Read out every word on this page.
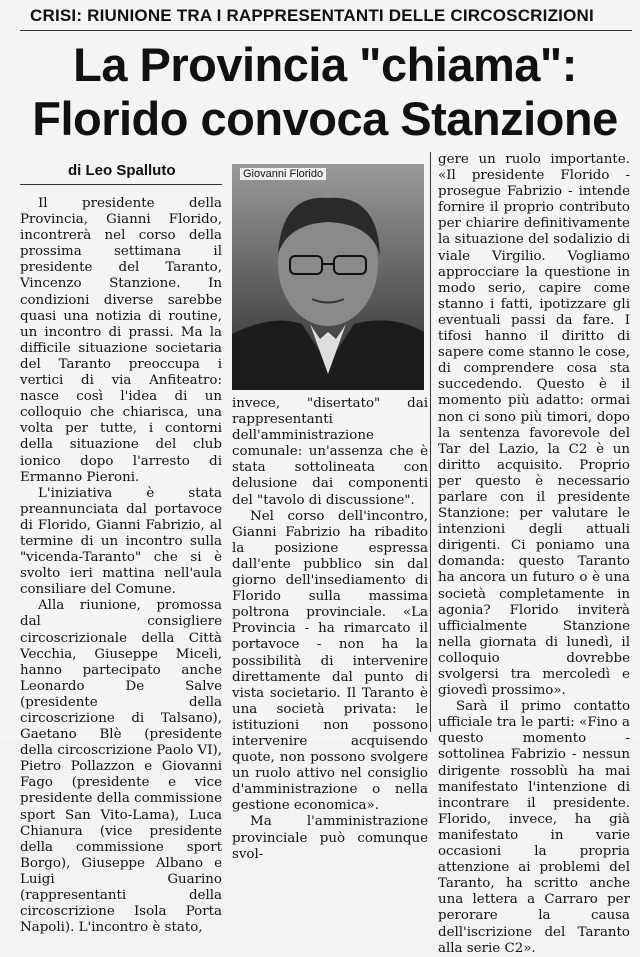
CRISI: RIUNIONE TRA I RAPPRESENTANTI DELLE CIRCOSCRIZIONI
La Provincia "chiama":
Florido convoca Stanzione
di Leo Spalluto	Giovanni Florido

Il presidente della Provincia, Gianni Florido, incontrerà nel corso della prossima settimana il presidente del Taranto, Vincenzo Stanzione. In condizioni diverse sarebbe quasi una notizia di routine, un incontro di prassi. Ma la difficile situazione societaria del Taranto preoccupa i vertici di via Anfiteatro: nasce così l'idea di un colloquio che chiarisca, una volta per tutte, i contorni della situazione del club ionico dopo l'arresto di Ermanno Pieroni.

L'iniziativa è stata preannunciata dal portavoce di Florido, Gianni Fabrizio, al termine di un incontro sulla "vicenda-Taranto" che si è svolto ieri mattina nell'aula consiliare del Comune.

Alla riunione, promossa dal consigliere circoscrizionale della Città Vecchia, Giuseppe Miceli, hanno partecipato anche Leonardo De Salve (presidente della circoscrizione di Talsano), Gaetano Blè (presidente della circoscrizione Paolo VI), Pietro Pollazzon e Giovanni Fago (presidente e vice presidente della commissione sport San Vito-Lama), Luca Chianura (vice presidente della commissione sport Borgo), Giuseppe Albano e Luigi Guarino (rappresentanti della circoscrizione Isola Porta Napoli). L'incontro è stato,

invece, "disertato" dai rappresentanti dell'amministrazione comunale: un'assenza che è stata sottolineata con delusione dai componenti del "tavolo di discussione".

Nel corso dell'incontro, Gianni Fabrizio ha ribadito la posizione espressa dall'ente pubblico sin dal giorno dell'insediamento di Florido sulla massima poltrona provinciale. «La Provincia - ha rimarcato il portavoce - non ha la possibilità di intervenire direttamente dal punto di vista societario. Il Taranto è una società privata: le istituzioni non possono intervenire acquisendo quote, non possono svolgere un ruolo attivo nel consiglio d'amministrazione o nella gestione economica».

Ma l'amministrazione provinciale può comunque svol-

gere un ruolo importante. «Il presidente Florido - prosegue Fabrizio - intende fornire il proprio contributo per chiarire definitivamente la situazione del sodalizio di viale Virgilio. Vogliamo approcciare la questione in modo serio, capire come stanno i fatti, ipotizzare gli eventuali passi da fare. I tifosi hanno il diritto di sapere come stanno le cose, di comprendere cosa sta succedendo. Questo è il momento più adatto: ormai non ci sono più timori, dopo la sentenza favorevole del Tar del Lazio, la C2 è un diritto acquisito. Proprio per questo è necessario parlare con il presidente Stanzione: per valutare le intenzioni degli attuali dirigenti. Ci poniamo una domanda: questo Taranto ha ancora un futuro o è una società completamente in agonia? Florido inviterà ufficialmente Stanzione nella giornata di lunedì, il colloquio dovrebbe svolgersi tra mercoledì e giovedì prossimo».

Sarà il primo contatto ufficiale tra le parti: «Fino a questo momento - sottolinea Fabrizio - nessun dirigente rossoblù ha mai manifestato l'intenzione di incontrare il presidente. Florido, invece, ha già manifestato in varie occasioni la propria attenzione ai problemi del Taranto, ha scritto anche una lettera a Carraro per perorare la causa dell'iscrizione del Taranto alla serie C2».
